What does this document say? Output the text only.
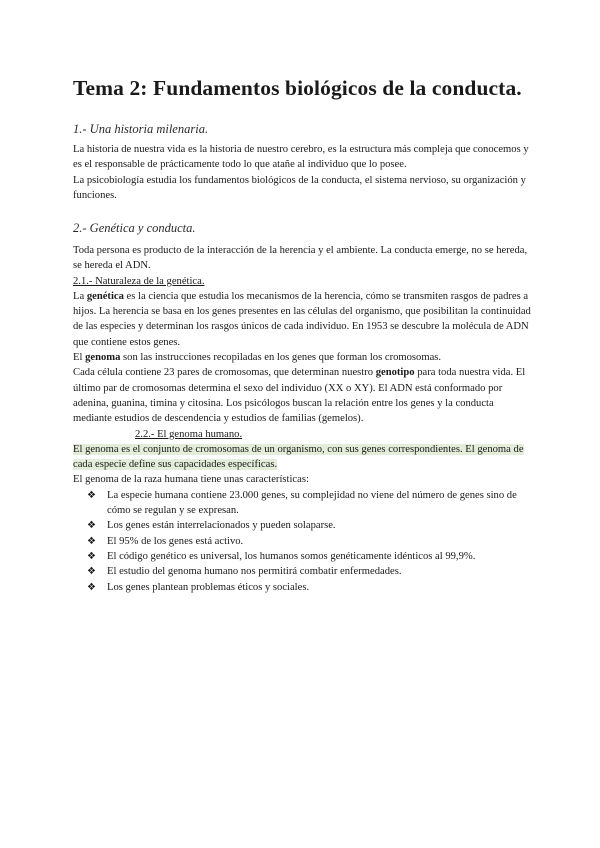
Tema 2: Fundamentos biológicos de la conducta.
1.- Una historia milenaria.

La historia de nuestra vida es la historia de nuestro cerebro, es la estructura más compleja que conocemos y es el responsable de prácticamente todo lo que atañe al individuo que lo posee.

La psicobiología estudia los fundamentos biológicos de la conducta, el sistema nervioso, su organización y funciones.

2.- Genética y conducta.

Toda persona es producto de la interacción de la herencia y el ambiente. La conducta emerge, no se hereda, se hereda el ADN.

2.1.- Naturaleza de la genética.

La genética es la ciencia que estudia los mecanismos de la herencia, cómo se transmiten rasgos de padres a hijos. La herencia se basa en los genes presentes en las células del organismo, que posibilitan la continuidad de las especies y determinan los rasgos únicos de cada individuo. En 1953 se descubre la molécula de ADN que contiene estos genes.

El genoma son las instrucciones recopiladas en los genes que forman los cromosomas.

Cada célula contiene 23 pares de cromosomas, que determinan nuestro genotipo para toda nuestra vida. El último par de cromosomas determina el sexo del individuo (XX o XY). El ADN está conformado por adenina, guanina, timina y citosina. Los psicólogos buscan la relación entre los genes y la conducta mediante estudios de descendencia y estudios de familias (gemelos).

2.2.- El genoma humano.

El genoma es el conjunto de cromosomas de un organismo, con sus genes correspondientes. El genoma de cada especie define sus capacidades específicas.

El genoma de la raza humana tiene unas características:

❖ La especie humana contiene 23.000 genes, su complejidad no viene del número de genes sino de cómo se regulan y se expresan.
❖ Los genes están interrelacionados y pueden solaparse.
❖ El 95% de los genes está activo.
❖ El código genético es universal, los humanos somos genéticamente idénticos al 99,9%.
❖ El estudio del genoma humano nos permitirá combatir enfermedades.
❖ Los genes plantean problemas éticos y sociales.
